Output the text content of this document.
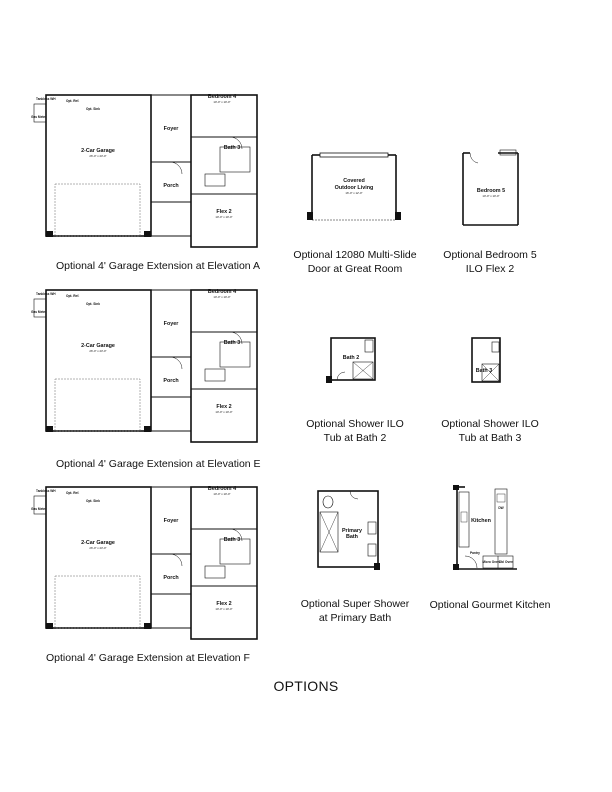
Tankless WH
Gas Meter
Opt. Ref.
Opt. Sink
2-Car Garage
26'-0" x 23'-0"
Foyer
Porch
Bedroom 4
10'-0" x 10'-0"
Bath 3
Flex 2
10'-0" x 10'-0"
Optional 4' Garage Extension at Elevation A
Tankless WH
Gas Meter
Opt. Ref.
Opt. Sink
2-Car Garage
26'-0" x 23'-0"
Foyer
Porch
Bedroom 4
10'-0" x 10'-0"
Bath 3
Flex 2
10'-0" x 10'-0"
Optional 4' Garage Extension at Elevation E
Tankless WH
Gas Meter
Opt. Ref.
Opt. Sink
2-Car Garage
26'-0" x 23'-0"
Foyer
Porch
Bedroom 4
10'-0" x 10'-0"
Bath 3
Flex 2
10'-0" x 10'-0"
Optional 4' Garage Extension at Elevation F
Covered
Outdoor Living
16'-0" x 12'-0"
Optional 12080 Multi-Slide
Door at Great Room
Bedroom 5
10'-0" x 10'-0"
Optional Bedroom 5
ILO Flex 2
Bath 2
Optional Shower ILO
Tub at Bath 2
Bath 3
Optional Shower ILO
Tub at Bath 3
Primary
Bath
Optional Super Shower
at Primary Bath
Kitchen
DW
Pantry
Micro Oven Dbl Oven
Optional Gourmet Kitchen
OPTIONS
